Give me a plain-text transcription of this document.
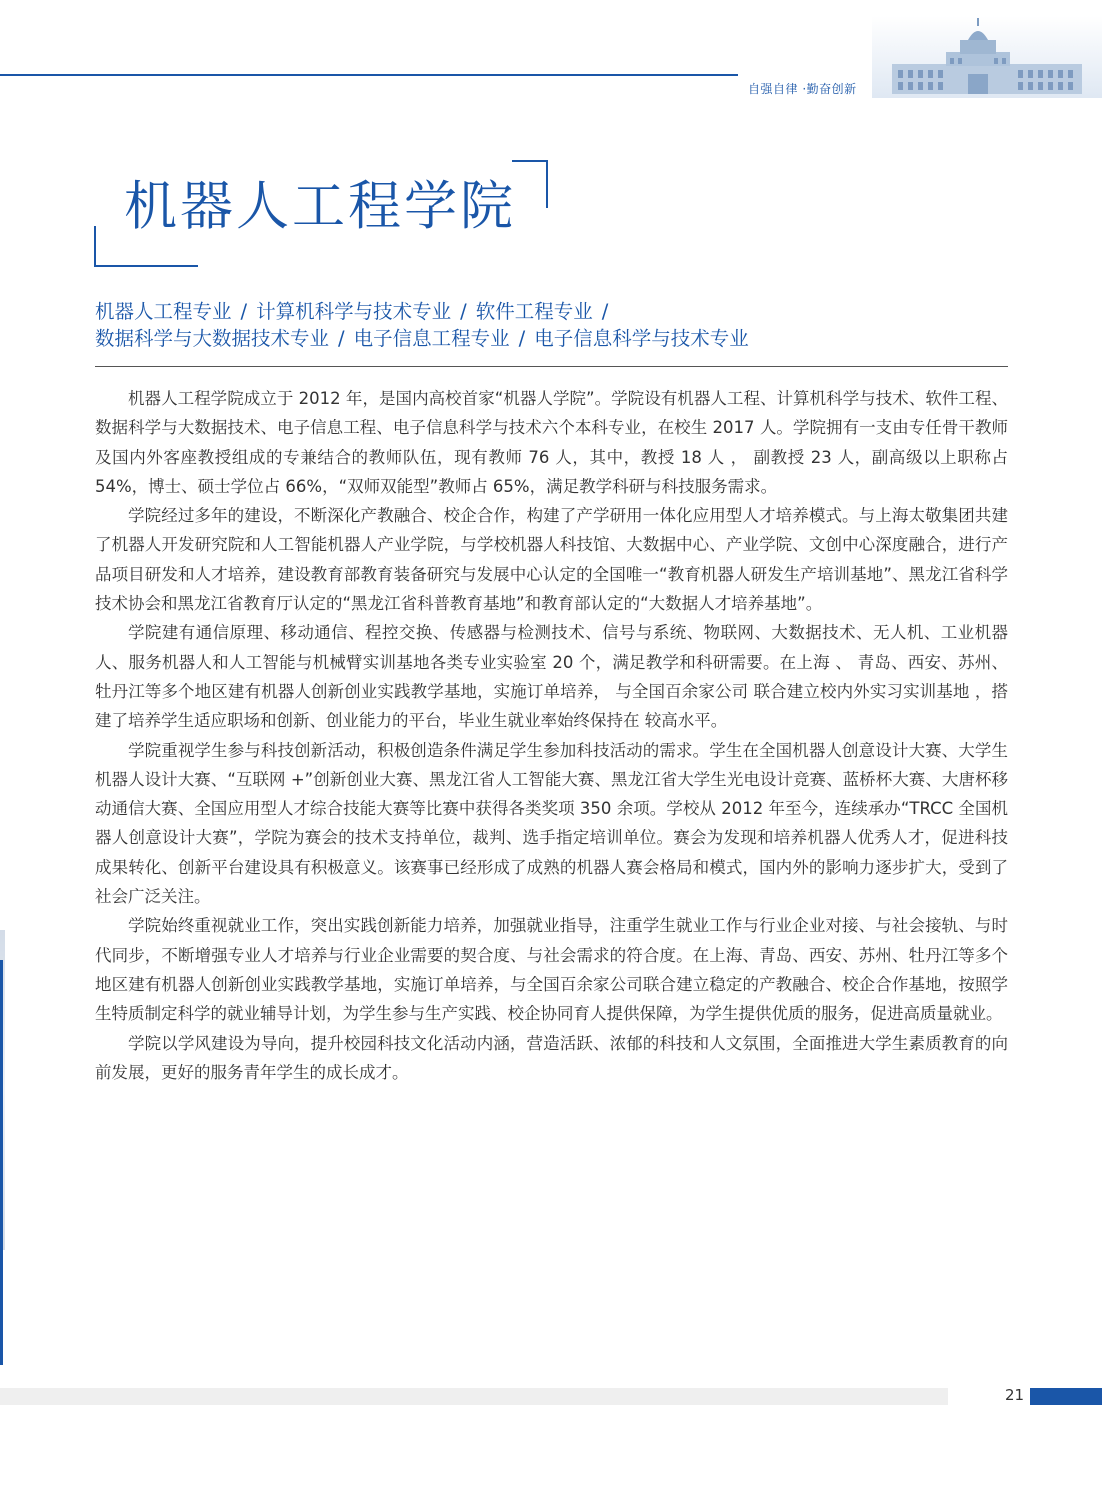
自强自律 ·勤奋创新
机器人工程学院
机器人工程专业 / 计算机科学与技术专业 / 软件工程专业 /
数据科学与大数据技术专业 / 电子信息工程专业 / 电子信息科学与技术专业

机器人工程学院成立于 2012 年，是国内高校首家“机器人学院”。学院设有机器人工程、计算机科学与技术、软件工程、数据科学与大数据技术、电子信息工程、电子信息科学与技术六个本科专业，在校生 2017 人。学院拥有一支由专任骨干教师及国内外客座教授组成的专兼结合的教师队伍，现有教师 76 人，其中，教授 18 人 ， 副教授 23 人，副高级以上职称占 54%，博士、硕士学位占 66%，“双师双能型”教师占 65%，满足教学科研与科技服务需求。

学院经过多年的建设，不断深化产教融合、校企合作，构建了产学研用一体化应用型人才培养模式。与上海太敬集团共建了机器人开发研究院和人工智能机器人产业学院，与学校机器人科技馆、大数据中心、产业学院、文创中心深度融合，进行产品项目研发和人才培养，建设教育部教育装备研究与发展中心认定的全国唯一“教育机器人研发生产培训基地”、黑龙江省科学技术协会和黑龙江省教育厅认定的“黑龙江省科普教育基地”和教育部认定的“大数据人才培养基地”。

学院建有通信原理、移动通信、程控交换、传感器与检测技术、信号与系统、物联网、大数据技术、无人机、工业机器人、服务机器人和人工智能与机械臂实训基地各类专业实验室 20 个，满足教学和科研需要。在上海 、 青岛、西安、苏州、牡丹江等多个地区建有机器人创新创业实践教学基地，实施订单培养， 与全国百余家公司 联合建立校内外实习实训基地 ，搭建了培养学生适应职场和创新、创业能力的平台，毕业生就业率始终保持在 较高水平。

学院重视学生参与科技创新活动，积极创造条件满足学生参加科技活动的需求。学生在全国机器人创意设计大赛、大学生机器人设计大赛、“互联网 +”创新创业大赛、黑龙江省人工智能大赛、黑龙江省大学生光电设计竞赛、蓝桥杯大赛、大唐杯移动通信大赛、全国应用型人才综合技能大赛等比赛中获得各类奖项 350 余项。学校从 2012 年至今，连续承办“TRCC 全国机器人创意设计大赛”，学院为赛会的技术支持单位，裁判、选手指定培训单位。赛会为发现和培养机器人优秀人才，促进科技成果转化、创新平台建设具有积极意义。该赛事已经形成了成熟的机器人赛会格局和模式，国内外的影响力逐步扩大，受到了社会广泛关注。

学院始终重视就业工作，突出实践创新能力培养，加强就业指导，注重学生就业工作与行业企业对接、与社会接轨、与时代同步，不断增强专业人才培养与行业企业需要的契合度、与社会需求的符合度。在上海、青岛、西安、苏州、牡丹江等多个地区建有机器人创新创业实践教学基地，实施订单培养，与全国百余家公司联合建立稳定的产教融合、校企合作基地，按照学生特质制定科学的就业辅导计划，为学生参与生产实践、校企协同育人提供保障，为学生提供优质的服务，促进高质量就业。

学院以学风建设为导向，提升校园科技文化活动内涵，营造活跃、浓郁的科技和人文氛围，全面推进大学生素质教育的向前发展，更好的服务青年学生的成长成才。

21
